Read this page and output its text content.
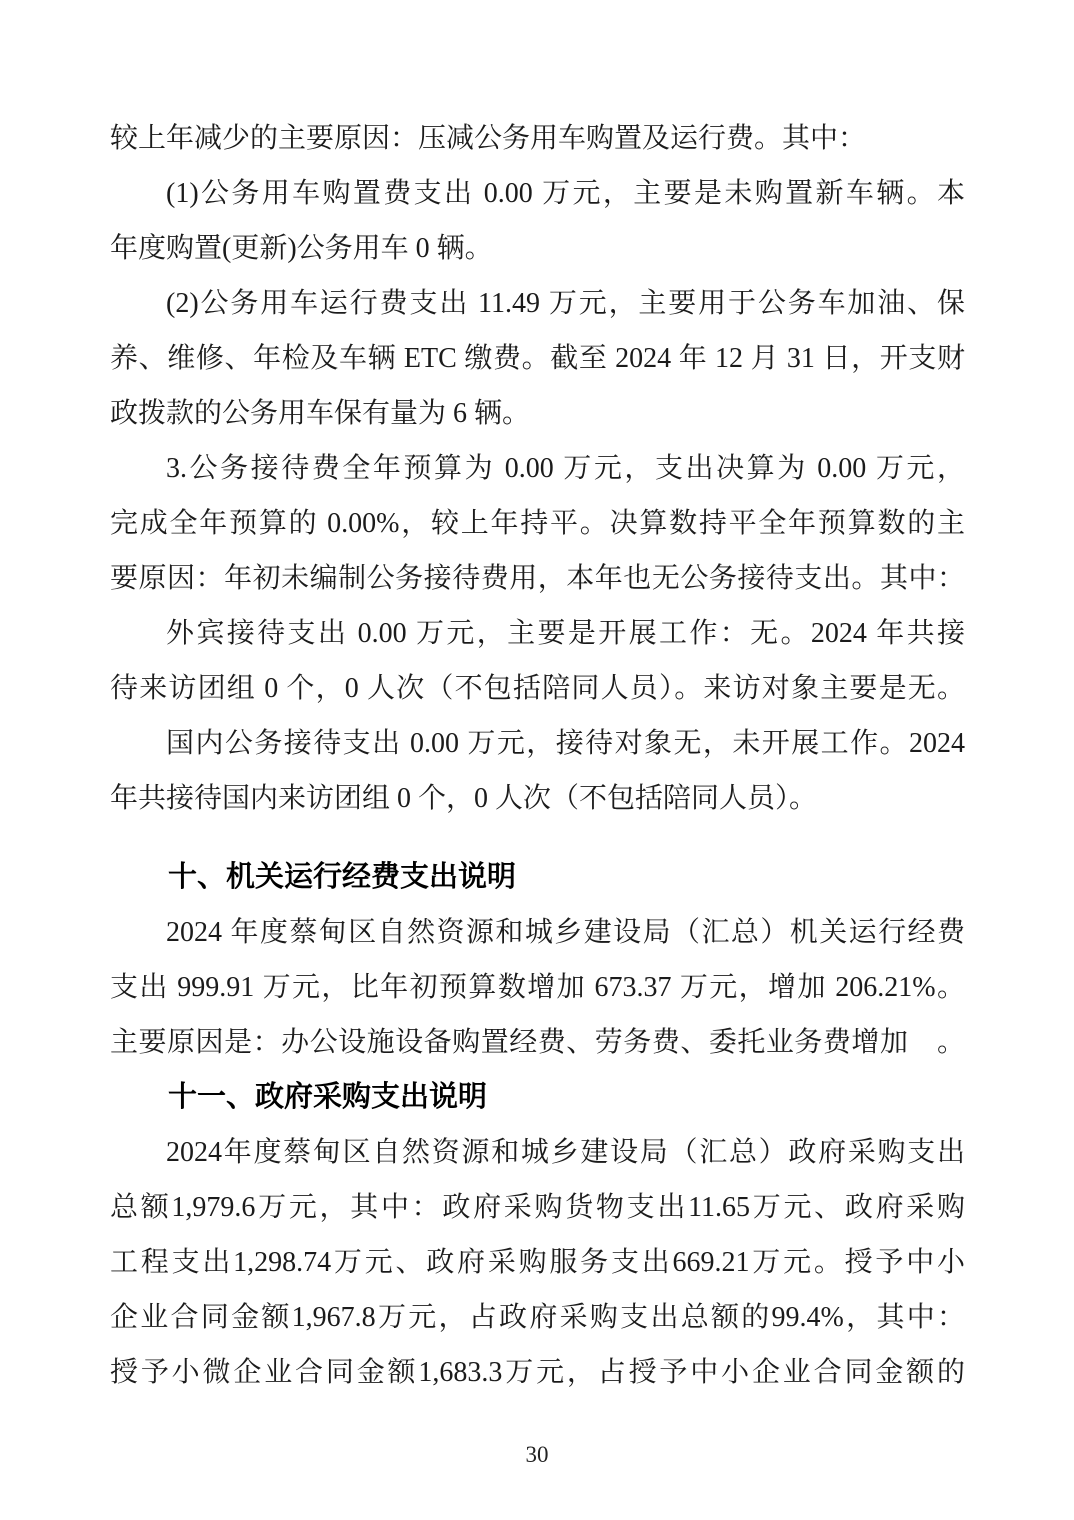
较上年减少的主要原因：压减公务用车购置及运行费。其中：
(1)公务用车购置费支出 0.00 万元，主要是未购置新车辆。本
年度购置(更新)公务用车 0 辆。
(2)公务用车运行费支出 11.49 万元，主要用于公务车加油、保
养、维修、年检及车辆 ETC 缴费。截至 2024 年 12 月 31 日，开支财
政拨款的公务用车保有量为 6 辆。
3.公务接待费全年预算为 0.00 万元，支出决算为 0.00 万元，
完成全年预算的 0.00%，较上年持平。决算数持平全年预算数的主
要原因：年初未编制公务接待费用，本年也无公务接待支出。其中：
外宾接待支出 0.00 万元，主要是开展工作：无。2024 年共接
待来访团组 0 个，0 人次（不包括陪同人员）。来访对象主要是无。
国内公务接待支出 0.00 万元，接待对象无，未开展工作。2024
年共接待国内来访团组 0 个，0 人次（不包括陪同人员）。
十、机关运行经费支出说明
2024 年度蔡甸区自然资源和城乡建设局（汇总）机关运行经费
支出 999.91 万元，比年初预算数增加 673.37 万元，增加 206.21%。
主要原因是：办公设施设备购置经费、劳务费、委托业务费增加　。
十一、政府采购支出说明
2024年度蔡甸区自然资源和城乡建设局（汇总）政府采购支出
总额1,979.6万元，其中：政府采购货物支出11.65万元、政府采购
工程支出1,298.74万元、政府采购服务支出669.21万元。授予中小
企业合同金额1,967.8万元，占政府采购支出总额的99.4%，其中：
授予小微企业合同金额1,683.3万元，占授予中小企业合同金额的
30
